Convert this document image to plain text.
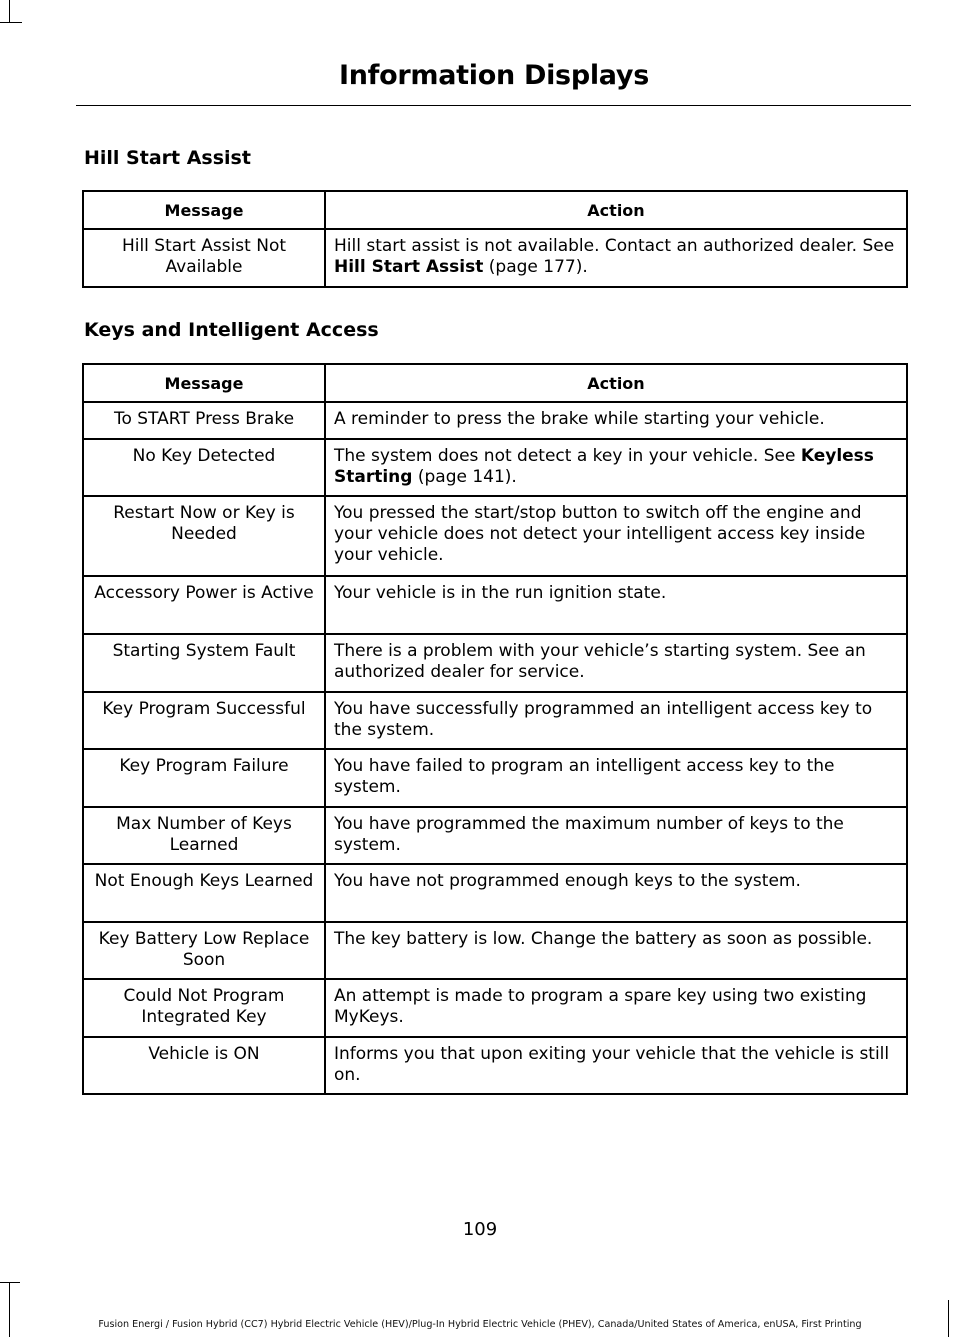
Information Displays
Hill Start Assist
Message	Action
Hill Start Assist Not Available	Hill start assist is not available. Contact an authorized dealer. See Hill Start Assist (page 177).
Keys and Intelligent Access
Message	Action
To START Press Brake	A reminder to press the brake while starting your vehicle.
No Key Detected	The system does not detect a key in your vehicle. See Keyless Starting (page 141).
Restart Now or Key is Needed	You pressed the start/stop button to switch off the engine and your vehicle does not detect your intelligent access key inside your vehicle.
Accessory Power is Active	Your vehicle is in the run ignition state.
Starting System Fault	There is a problem with your vehicle’s starting system. See an authorized dealer for service.
Key Program Successful	You have successfully programmed an intelligent access key to the system.
Key Program Failure	You have failed to program an intelligent access key to the system.
Max Number of Keys Learned	You have programmed the maximum number of keys to the system.
Not Enough Keys Learned	You have not programmed enough keys to the system.
Key Battery Low Replace Soon	The key battery is low. Change the battery as soon as possible.
Could Not Program Integrated Key	An attempt is made to program a spare key using two existing MyKeys.
Vehicle is ON	Informs you that upon exiting your vehicle that the vehicle is still on.
109
Fusion Energi / Fusion Hybrid (CC7) Hybrid Electric Vehicle (HEV)/Plug-In Hybrid Electric Vehicle (PHEV), Canada/United States of America, enUSA, First Printing
